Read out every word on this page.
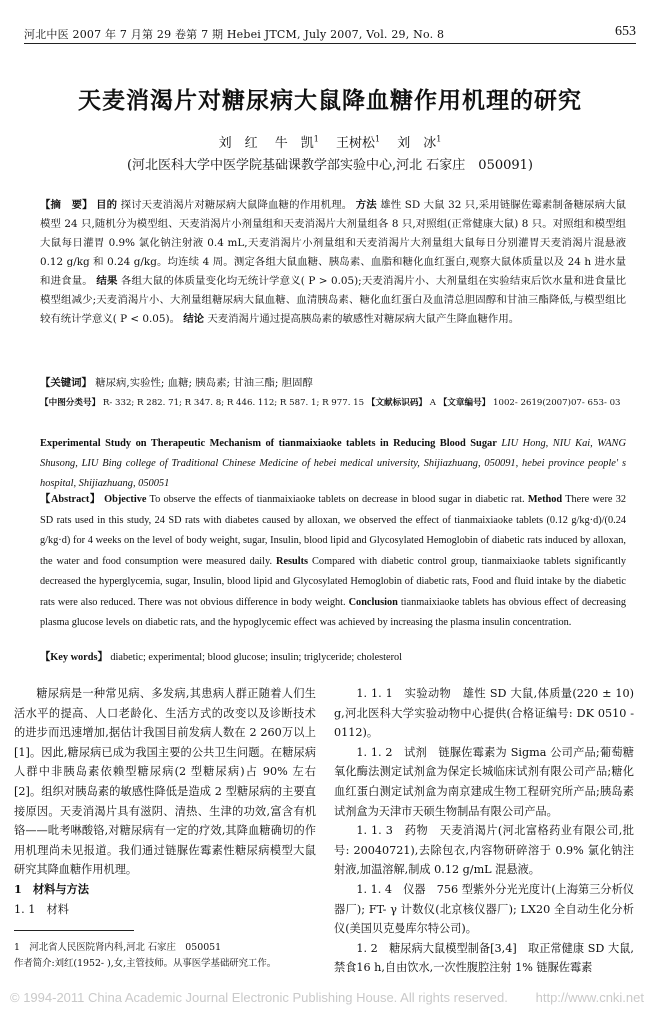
河北中医 2007 年 7 月第 29 卷第 7 期 Hebei JTCM, July 2007, Vol. 29, No. 8	653
天麦消渴片对糖尿病大鼠降血糖作用机理的研究
刘　红　 牛　凯$^1$　 王树松$^1$　 刘　冰$^1$
(河北医科大学中医学院基础课教学部实验中心,河北 石家庄　050091)
【摘　要】 目的 探讨天麦消渴片对糖尿病大鼠降血糖的作用机理。 方法 雄性 SD 大鼠 32 只,采用链脲佐霉素制备糖尿病大鼠模型 24 只,随机分为模型组、天麦消渴片小剂量组和天麦消渴片大剂量组各 8 只,对照组(正常健康大鼠) 8 只。对照组和模型组大鼠每日灌胃 0.9% 氯化钠注射液 0.4 mL,天麦消渴片小剂量组和天麦消渴片大剂量组大鼠每日分别灌胃天麦消渴片混悬液 0.12 g/kg 和 0.24 g/kg。均连续 4 周。测定各组大鼠血糖、胰岛素、血脂和糖化血红蛋白,观察大鼠体质量以及 24 h 进水量和进食量。 结果 各组大鼠的体质量变化均无统计学意义( P > 0.05);天麦消渴片小、大剂量组在实验结束后饮水量和进食量比模型组减少;天麦消渴片小、大剂量组糖尿病大鼠血糖、血清胰岛素、糖化血红蛋白及血清总胆固醇和甘油三酯降低,与模型组比较有统计学意义( P < 0.05)。 结论 天麦消渴片通过提高胰岛素的敏感性对糖尿病大鼠产生降血糖作用。
【关键词】 糖尿病,实验性; 血糖; 胰岛素; 甘油三酯; 胆固醇
【中图分类号】 R- 332; R 282. 71; R 347. 8; R 446. 112; R 587. 1; R 977. 15 【文献标识码】 A 【文章编号】 1002- 2619(2007)07- 653- 03
Experimental Study on Therapeutic Mechanism of tianmaixiaoke tablets in Reducing Blood Sugar LIU Hong, NIU Kai, WANG Shusong, LIU Bing college of Traditional Chinese Medicine of hebei medical university, Shijiazhuang, 050091, hebei province people' s hospital, Shijiazhuang, 050051
【Abstract】 Objective To observe the effects of tianmaixiaoke tablets on decrease in blood sugar in diabetic rat. Method There were 32 SD rats used in this study, 24 SD rats with diabetes caused by alloxan, we observed the effect of tianmaixiaoke tablets (0.12 g/kg·d)/(0.24 g/kg·d) for 4 weeks on the level of body weight, sugar, Insulin, blood lipid and Glycosylated Hemoglobin of diabetic rats induced by alloxan, the water and food consumption were measured daily. Results Compared with diabetic control group, tianmaixiaoke tablets significantly decreased the hyperglycemia, sugar, Insulin, blood lipid and Glycosylated Hemoglobin of diabetic rats, Food and fluid intake by the diabetic rats were also reduced. There was not obvious difference in body weight. Conclusion tianmaixiaoke tablets has obvious effect of decreasing plasma glucose levels on diabetic rats, and the hypoglycemic effect was achieved by increasing the plasma insulin concentration.
【Key words】 diabetic; experimental; blood glucose; insulin; triglyceride; cholesterol

糖尿病是一种常见病、多发病,其患病人群正随着人们生活水平的提高、人口老龄化、生活方式的改变以及诊断技术的进步而迅速增加,据估计我国目前发病人数在 2 260万以上[1]。因此,糖尿病已成为我国主要的公共卫生问题。在糖尿病人群中非胰岛素依赖型糖尿病(2 型糖尿病)占 90% 左右[2]。组织对胰岛素的敏感性降低是造成 2 型糖尿病的主要直接原因。天麦消渴片具有滋阴、清热、生津的功效,富含有机铬——吡考啉酸铬,对糖尿病有一定的疗效,其降血糖确切的作用机理尚未见报道。我们通过链脲佐霉素性糖尿病模型大鼠研究其降血糖作用机理。

1　材料与方法

1. 1　材料

1. 1. 1　实验动物　雄性 SD 大鼠,体质量(220 ± 10) g,河北医科大学实验动物中心提供(合格证编号: DK 0510 - 0112)。

1. 1. 2　试剂　链脲佐霉素为 Sigma 公司产品;葡萄糖氧化酶法测定试剂盒为保定长城临床试剂有限公司产品;糖化血红蛋白测定试剂盒为南京建成生物工程研究所产品;胰岛素试剂盒为天津市天硕生物制品有限公司产品。

1. 1. 3　药物　天麦消渴片(河北富格药业有限公司,批号: 20040721),去除包衣,内容物研碎溶于 0.9% 氯化钠注射液,加温溶解,制成 0.12 g/mL 混悬液。

1. 1. 4　仪器　756 型紫外分光光度计(上海第三分析仪器厂); FT- γ 计数仪(北京核仪器厂); LX20 全自动生化分析仪(美国贝克曼库尔特公司)。

1. 2　糖尿病大鼠模型制备[3,4]　取正常健康 SD 大鼠,禁食16 h,自由饮水,一次性腹腔注射 1% 链脲佐霉素

1　河北省人民医院肾内科,河北 石家庄　050051

作者简介:刘红(1952- ),女,主管技师。从事医学基础研究工作。

© 1994-2011 China Academic Journal Electronic Publishing House. All rights reserved. http://www.cnki.net
